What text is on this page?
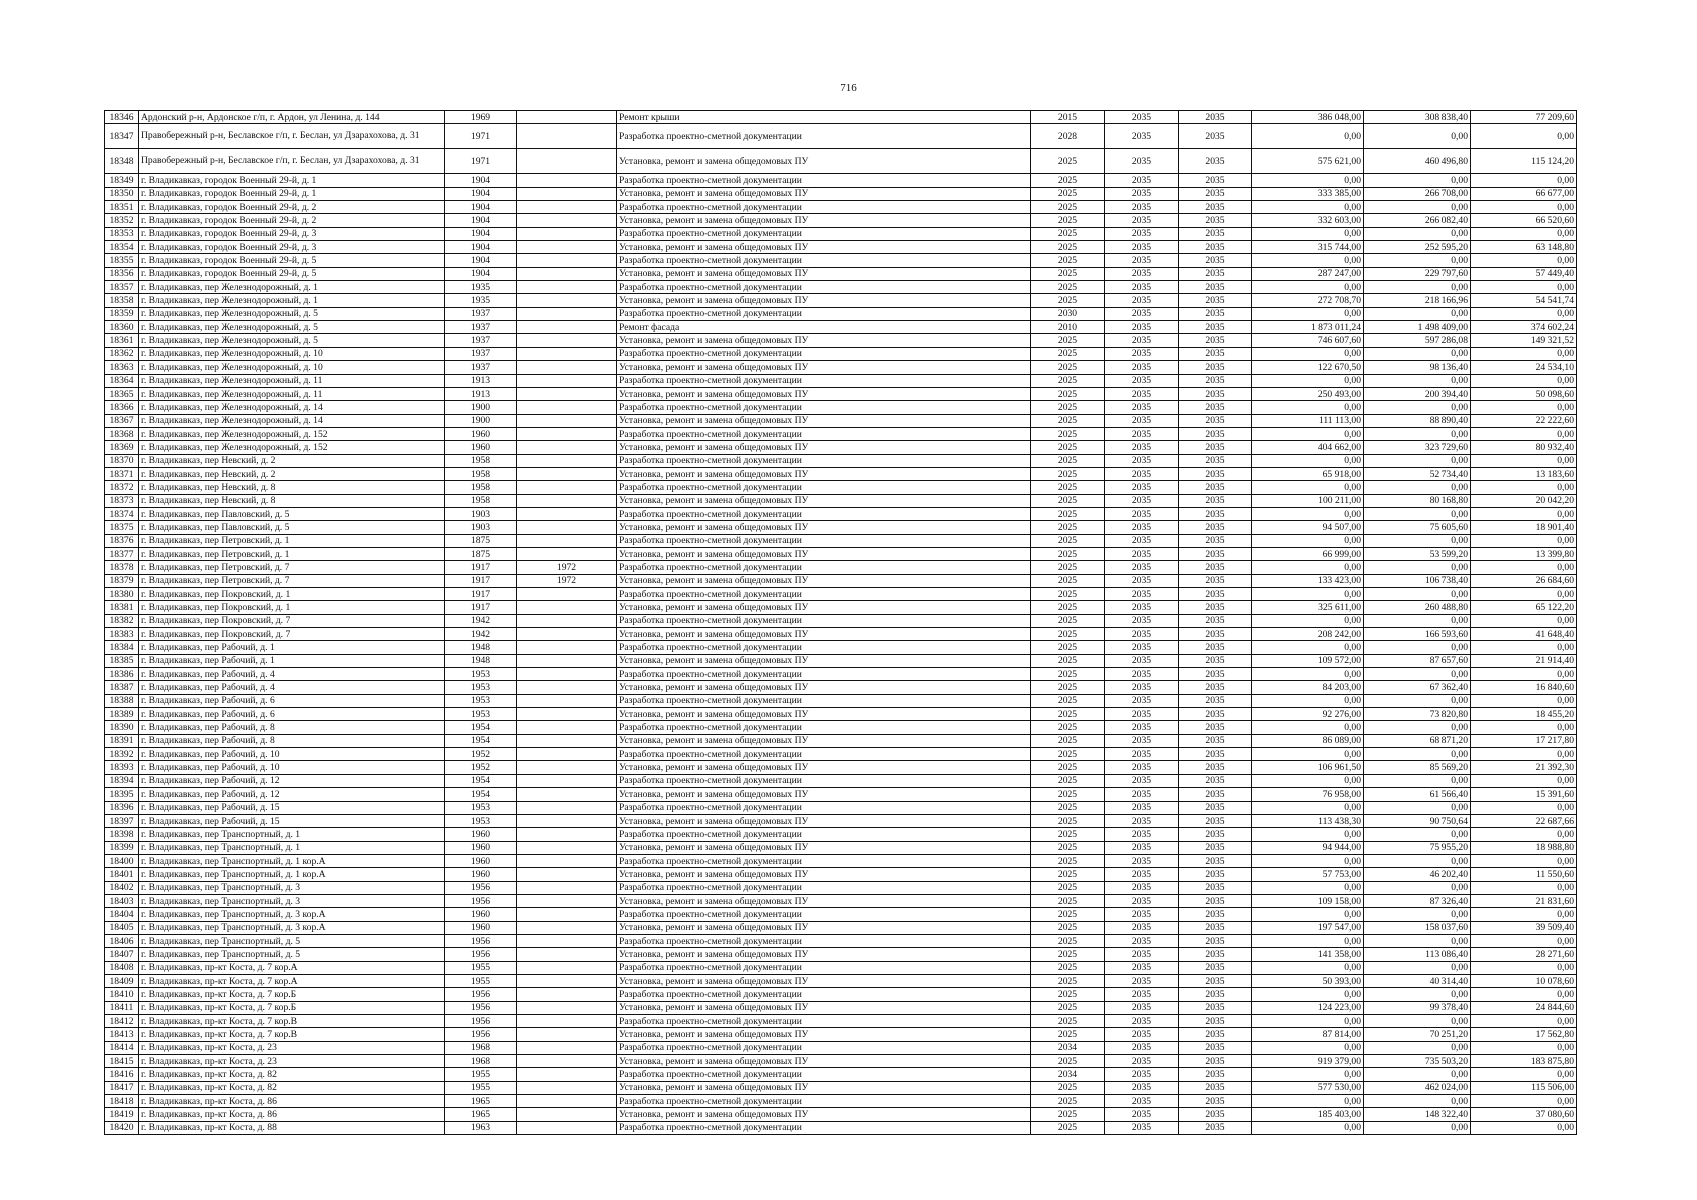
716
18346	Ардонский р-н, Ардонское г/п, г. Ардон, ул Ленина, д. 144	1969		Ремонт крыши	2015	2035	2035	386 048,00	308 838,40	77 209,60
18347	Правобережный р-н, Беславское г/п, г. Беслан, ул Дзарахохова, д. 31	1971		Разработка проектно-сметной документации	2028	2035	2035	0,00	0,00	0,00
18348	Правобережный р-н, Беславское г/п, г. Беслан, ул Дзарахохова, д. 31	1971		Установка, ремонт и замена общедомовых ПУ	2025	2035	2035	575 621,00	460 496,80	115 124,20
18349	г. Владикавказ, городок Военный 29-й, д. 1	1904		Разработка проектно-сметной документации	2025	2035	2035	0,00	0,00	0,00
18350	г. Владикавказ, городок Военный 29-й, д. 1	1904		Установка, ремонт и замена общедомовых ПУ	2025	2035	2035	333 385,00	266 708,00	66 677,00
18351	г. Владикавказ, городок Военный 29-й, д. 2	1904		Разработка проектно-сметной документации	2025	2035	2035	0,00	0,00	0,00
18352	г. Владикавказ, городок Военный 29-й, д. 2	1904		Установка, ремонт и замена общедомовых ПУ	2025	2035	2035	332 603,00	266 082,40	66 520,60
18353	г. Владикавказ, городок Военный 29-й, д. 3	1904		Разработка проектно-сметной документации	2025	2035	2035	0,00	0,00	0,00
18354	г. Владикавказ, городок Военный 29-й, д. 3	1904		Установка, ремонт и замена общедомовых ПУ	2025	2035	2035	315 744,00	252 595,20	63 148,80
18355	г. Владикавказ, городок Военный 29-й, д. 5	1904		Разработка проектно-сметной документации	2025	2035	2035	0,00	0,00	0,00
18356	г. Владикавказ, городок Военный 29-й, д. 5	1904		Установка, ремонт и замена общедомовых ПУ	2025	2035	2035	287 247,00	229 797,60	57 449,40
18357	г. Владикавказ, пер Железнодорожный, д. 1	1935		Разработка проектно-сметной документации	2025	2035	2035	0,00	0,00	0,00
18358	г. Владикавказ, пер Железнодорожный, д. 1	1935		Установка, ремонт и замена общедомовых ПУ	2025	2035	2035	272 708,70	218 166,96	54 541,74
18359	г. Владикавказ, пер Железнодорожный, д. 5	1937		Разработка проектно-сметной документации	2030	2035	2035	0,00	0,00	0,00
18360	г. Владикавказ, пер Железнодорожный, д. 5	1937		Ремонт фасада	2010	2035	2035	1 873 011,24	1 498 409,00	374 602,24
18361	г. Владикавказ, пер Железнодорожный, д. 5	1937		Установка, ремонт и замена общедомовых ПУ	2025	2035	2035	746 607,60	597 286,08	149 321,52
18362	г. Владикавказ, пер Железнодорожный, д. 10	1937		Разработка проектно-сметной документации	2025	2035	2035	0,00	0,00	0,00
18363	г. Владикавказ, пер Железнодорожный, д. 10	1937		Установка, ремонт и замена общедомовых ПУ	2025	2035	2035	122 670,50	98 136,40	24 534,10
18364	г. Владикавказ, пер Железнодорожный, д. 11	1913		Разработка проектно-сметной документации	2025	2035	2035	0,00	0,00	0,00
18365	г. Владикавказ, пер Железнодорожный, д. 11	1913		Установка, ремонт и замена общедомовых ПУ	2025	2035	2035	250 493,00	200 394,40	50 098,60
18366	г. Владикавказ, пер Железнодорожный, д. 14	1900		Разработка проектно-сметной документации	2025	2035	2035	0,00	0,00	0,00
18367	г. Владикавказ, пер Железнодорожный, д. 14	1900		Установка, ремонт и замена общедомовых ПУ	2025	2035	2035	111 113,00	88 890,40	22 222,60
18368	г. Владикавказ, пер Железнодорожный, д. 152	1960		Разработка проектно-сметной документации	2025	2035	2035	0,00	0,00	0,00
18369	г. Владикавказ, пер Железнодорожный, д. 152	1960		Установка, ремонт и замена общедомовых ПУ	2025	2035	2035	404 662,00	323 729,60	80 932,40
18370	г. Владикавказ, пер Невский, д. 2	1958		Разработка проектно-сметной документации	2025	2035	2035	0,00	0,00	0,00
18371	г. Владикавказ, пер Невский, д. 2	1958		Установка, ремонт и замена общедомовых ПУ	2025	2035	2035	65 918,00	52 734,40	13 183,60
18372	г. Владикавказ, пер Невский, д. 8	1958		Разработка проектно-сметной документации	2025	2035	2035	0,00	0,00	0,00
18373	г. Владикавказ, пер Невский, д. 8	1958		Установка, ремонт и замена общедомовых ПУ	2025	2035	2035	100 211,00	80 168,80	20 042,20
18374	г. Владикавказ, пер Павловский, д. 5	1903		Разработка проектно-сметной документации	2025	2035	2035	0,00	0,00	0,00
18375	г. Владикавказ, пер Павловский, д. 5	1903		Установка, ремонт и замена общедомовых ПУ	2025	2035	2035	94 507,00	75 605,60	18 901,40
18376	г. Владикавказ, пер Петровский, д. 1	1875		Разработка проектно-сметной документации	2025	2035	2035	0,00	0,00	0,00
18377	г. Владикавказ, пер Петровский, д. 1	1875		Установка, ремонт и замена общедомовых ПУ	2025	2035	2035	66 999,00	53 599,20	13 399,80
18378	г. Владикавказ, пер Петровский, д. 7	1917	1972	Разработка проектно-сметной документации	2025	2035	2035	0,00	0,00	0,00
18379	г. Владикавказ, пер Петровский, д. 7	1917	1972	Установка, ремонт и замена общедомовых ПУ	2025	2035	2035	133 423,00	106 738,40	26 684,60
18380	г. Владикавказ, пер Покровский, д. 1	1917		Разработка проектно-сметной документации	2025	2035	2035	0,00	0,00	0,00
18381	г. Владикавказ, пер Покровский, д. 1	1917		Установка, ремонт и замена общедомовых ПУ	2025	2035	2035	325 611,00	260 488,80	65 122,20
18382	г. Владикавказ, пер Покровский, д. 7	1942		Разработка проектно-сметной документации	2025	2035	2035	0,00	0,00	0,00
18383	г. Владикавказ, пер Покровский, д. 7	1942		Установка, ремонт и замена общедомовых ПУ	2025	2035	2035	208 242,00	166 593,60	41 648,40
18384	г. Владикавказ, пер Рабочий, д. 1	1948		Разработка проектно-сметной документации	2025	2035	2035	0,00	0,00	0,00
18385	г. Владикавказ, пер Рабочий, д. 1	1948		Установка, ремонт и замена общедомовых ПУ	2025	2035	2035	109 572,00	87 657,60	21 914,40
18386	г. Владикавказ, пер Рабочий, д. 4	1953		Разработка проектно-сметной документации	2025	2035	2035	0,00	0,00	0,00
18387	г. Владикавказ, пер Рабочий, д. 4	1953		Установка, ремонт и замена общедомовых ПУ	2025	2035	2035	84 203,00	67 362,40	16 840,60
18388	г. Владикавказ, пер Рабочий, д. 6	1953		Разработка проектно-сметной документации	2025	2035	2035	0,00	0,00	0,00
18389	г. Владикавказ, пер Рабочий, д. 6	1953		Установка, ремонт и замена общедомовых ПУ	2025	2035	2035	92 276,00	73 820,80	18 455,20
18390	г. Владикавказ, пер Рабочий, д. 8	1954		Разработка проектно-сметной документации	2025	2035	2035	0,00	0,00	0,00
18391	г. Владикавказ, пер Рабочий, д. 8	1954		Установка, ремонт и замена общедомовых ПУ	2025	2035	2035	86 089,00	68 871,20	17 217,80
18392	г. Владикавказ, пер Рабочий, д. 10	1952		Разработка проектно-сметной документации	2025	2035	2035	0,00	0,00	0,00
18393	г. Владикавказ, пер Рабочий, д. 10	1952		Установка, ремонт и замена общедомовых ПУ	2025	2035	2035	106 961,50	85 569,20	21 392,30
18394	г. Владикавказ, пер Рабочий, д. 12	1954		Разработка проектно-сметной документации	2025	2035	2035	0,00	0,00	0,00
18395	г. Владикавказ, пер Рабочий, д. 12	1954		Установка, ремонт и замена общедомовых ПУ	2025	2035	2035	76 958,00	61 566,40	15 391,60
18396	г. Владикавказ, пер Рабочий, д. 15	1953		Разработка проектно-сметной документации	2025	2035	2035	0,00	0,00	0,00
18397	г. Владикавказ, пер Рабочий, д. 15	1953		Установка, ремонт и замена общедомовых ПУ	2025	2035	2035	113 438,30	90 750,64	22 687,66
18398	г. Владикавказ, пер Транспортный, д. 1	1960		Разработка проектно-сметной документации	2025	2035	2035	0,00	0,00	0,00
18399	г. Владикавказ, пер Транспортный, д. 1	1960		Установка, ремонт и замена общедомовых ПУ	2025	2035	2035	94 944,00	75 955,20	18 988,80
18400	г. Владикавказ, пер Транспортный, д. 1 кор.А	1960		Разработка проектно-сметной документации	2025	2035	2035	0,00	0,00	0,00
18401	г. Владикавказ, пер Транспортный, д. 1 кор.А	1960		Установка, ремонт и замена общедомовых ПУ	2025	2035	2035	57 753,00	46 202,40	11 550,60
18402	г. Владикавказ, пер Транспортный, д. 3	1956		Разработка проектно-сметной документации	2025	2035	2035	0,00	0,00	0,00
18403	г. Владикавказ, пер Транспортный, д. 3	1956		Установка, ремонт и замена общедомовых ПУ	2025	2035	2035	109 158,00	87 326,40	21 831,60
18404	г. Владикавказ, пер Транспортный, д. 3 кор.А	1960		Разработка проектно-сметной документации	2025	2035	2035	0,00	0,00	0,00
18405	г. Владикавказ, пер Транспортный, д. 3 кор.А	1960		Установка, ремонт и замена общедомовых ПУ	2025	2035	2035	197 547,00	158 037,60	39 509,40
18406	г. Владикавказ, пер Транспортный, д. 5	1956		Разработка проектно-сметной документации	2025	2035	2035	0,00	0,00	0,00
18407	г. Владикавказ, пер Транспортный, д. 5	1956		Установка, ремонт и замена общедомовых ПУ	2025	2035	2035	141 358,00	113 086,40	28 271,60
18408	г. Владикавказ, пр-кт Коста, д. 7 кор.А	1955		Разработка проектно-сметной документации	2025	2035	2035	0,00	0,00	0,00
18409	г. Владикавказ, пр-кт Коста, д. 7 кор.А	1955		Установка, ремонт и замена общедомовых ПУ	2025	2035	2035	50 393,00	40 314,40	10 078,60
18410	г. Владикавказ, пр-кт Коста, д. 7 кор.Б	1956		Разработка проектно-сметной документации	2025	2035	2035	0,00	0,00	0,00
18411	г. Владикавказ, пр-кт Коста, д. 7 кор.Б	1956		Установка, ремонт и замена общедомовых ПУ	2025	2035	2035	124 223,00	99 378,40	24 844,60
18412	г. Владикавказ, пр-кт Коста, д. 7 кор.В	1956		Разработка проектно-сметной документации	2025	2035	2035	0,00	0,00	0,00
18413	г. Владикавказ, пр-кт Коста, д. 7 кор.В	1956		Установка, ремонт и замена общедомовых ПУ	2025	2035	2035	87 814,00	70 251,20	17 562,80
18414	г. Владикавказ, пр-кт Коста, д. 23	1968		Разработка проектно-сметной документации	2034	2035	2035	0,00	0,00	0,00
18415	г. Владикавказ, пр-кт Коста, д. 23	1968		Установка, ремонт и замена общедомовых ПУ	2025	2035	2035	919 379,00	735 503,20	183 875,80
18416	г. Владикавказ, пр-кт Коста, д. 82	1955		Разработка проектно-сметной документации	2034	2035	2035	0,00	0,00	0,00
18417	г. Владикавказ, пр-кт Коста, д. 82	1955		Установка, ремонт и замена общедомовых ПУ	2025	2035	2035	577 530,00	462 024,00	115 506,00
18418	г. Владикавказ, пр-кт Коста, д. 86	1965		Разработка проектно-сметной документации	2025	2035	2035	0,00	0,00	0,00
18419	г. Владикавказ, пр-кт Коста, д. 86	1965		Установка, ремонт и замена общедомовых ПУ	2025	2035	2035	185 403,00	148 322,40	37 080,60
18420	г. Владикавказ, пр-кт Коста, д. 88	1963		Разработка проектно-сметной документации	2025	2035	2035	0,00	0,00	0,00
